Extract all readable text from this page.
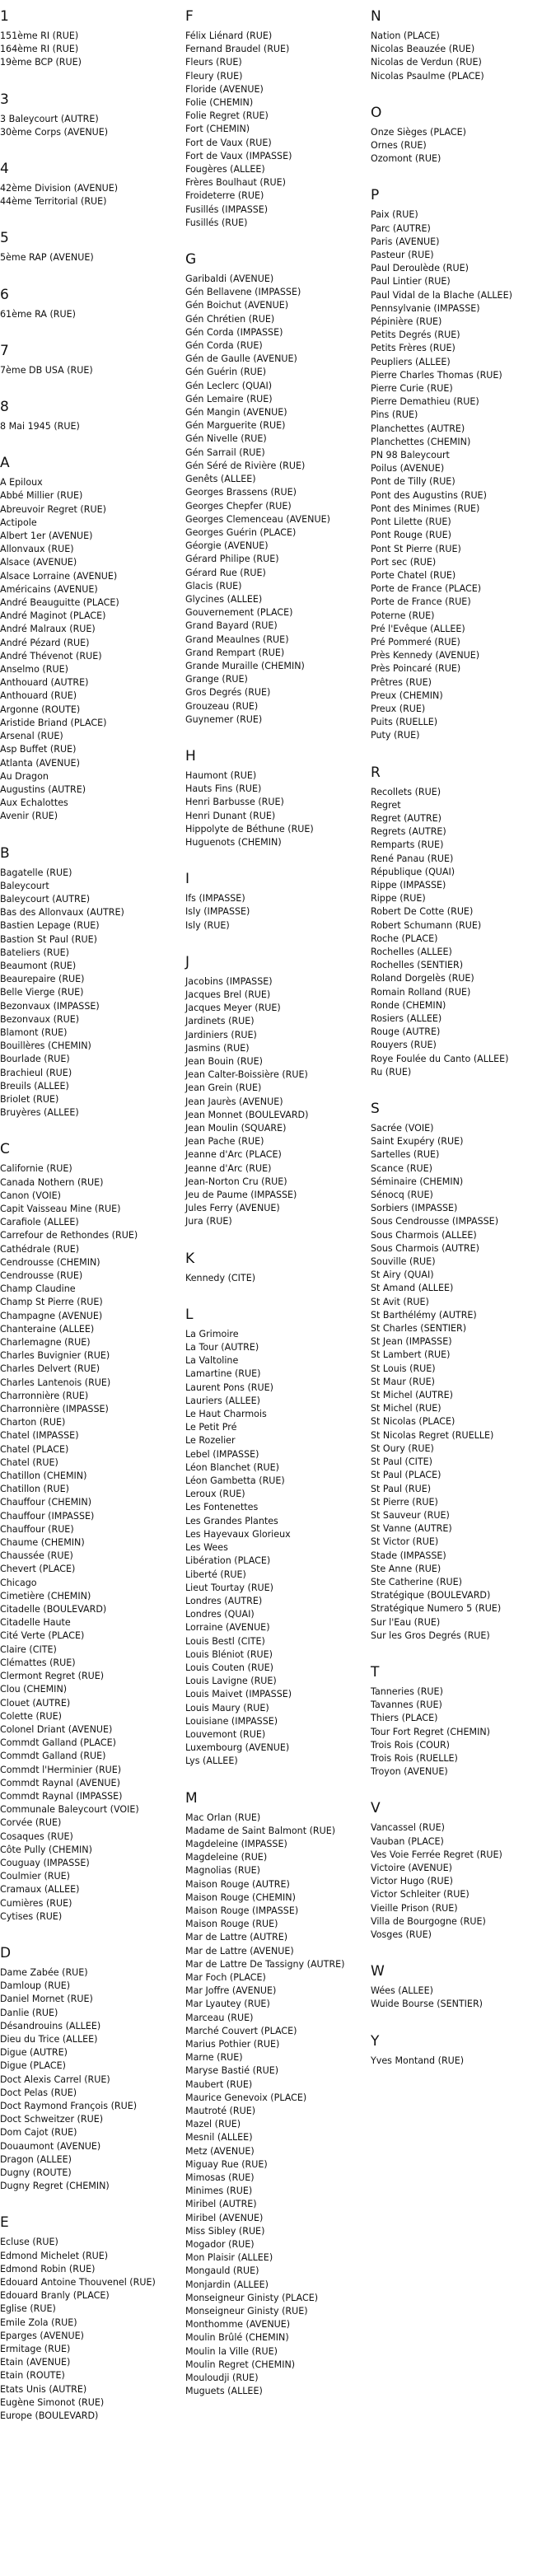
1
151ème RI (RUE)
164ème RI (RUE)
19ème BCP (RUE)
3
3 Baleycourt (AUTRE)
30ème Corps (AVENUE)
4
42ème Division (AVENUE)
44ème Territorial (RUE)
5
5ème RAP (AVENUE)
6
61ème RA (RUE)
7
7ème DB USA (RUE)
8
8 Mai 1945 (RUE)
A
A Epiloux
Abbé Millier (RUE)
Abreuvoir Regret (RUE)
Actipole
Albert 1er (AVENUE)
Allonvaux (RUE)
Alsace (AVENUE)
Alsace Lorraine (AVENUE)
Américains (AVENUE)
André Beauguitte (PLACE)
André Maginot (PLACE)
André Malraux (RUE)
André Pézard (RUE)
André Thévenot (RUE)
Anselmo (RUE)
Anthouard (AUTRE)
Anthouard (RUE)
Argonne (ROUTE)
Aristide Briand (PLACE)
Arsenal (RUE)
Asp Buffet (RUE)
Atlanta (AVENUE)
Au Dragon
Augustins (AUTRE)
Aux Echalottes
Avenir (RUE)
B
Bagatelle (RUE)
Baleycourt
Baleycourt (AUTRE)
Bas des Allonvaux (AUTRE)
Bastien Lepage (RUE)
Bastion St Paul (RUE)
Bateliers (RUE)
Beaumont (RUE)
Beaurepaire (RUE)
Belle Vierge (RUE)
Bezonvaux (IMPASSE)
Bezonvaux (RUE)
Blamont (RUE)
Bouillères (CHEMIN)
Bourlade (RUE)
Brachieul (RUE)
Breuils (ALLEE)
Briolet (RUE)
Bruyères (ALLEE)
C
Californie (RUE)
Canada Nothern (RUE)
Canon (VOIE)
Capit Vaisseau Mine (RUE)
Carafiole (ALLEE)
Carrefour de Rethondes (RUE)
Cathédrale (RUE)
Cendrousse (CHEMIN)
Cendrousse (RUE)
Champ Claudine
Champ St Pierre (RUE)
Champagne (AVENUE)
Chanteraine (ALLEE)
Charlemagne (RUE)
Charles Buvignier (RUE)
Charles Delvert (RUE)
Charles Lantenois (RUE)
Charronnière (RUE)
Charronnière (IMPASSE)
Charton (RUE)
Chatel (IMPASSE)
Chatel (PLACE)
Chatel (RUE)
Chatillon (CHEMIN)
Chatillon (RUE)
Chauffour (CHEMIN)
Chauffour (IMPASSE)
Chauffour (RUE)
Chaume (CHEMIN)
Chaussée (RUE)
Chevert (PLACE)
Chicago
Cimetière (CHEMIN)
Citadelle (BOULEVARD)
Citadelle Haute
Cité Verte (PLACE)
Claire (CITE)
Clémattes (RUE)
Clermont Regret (RUE)
Clou (CHEMIN)
Clouet (AUTRE)
Colette (RUE)
Colonel Driant (AVENUE)
Commdt Galland (PLACE)
Commdt Galland (RUE)
Commdt l'Herminier (RUE)
Commdt Raynal (AVENUE)
Commdt Raynal (IMPASSE)
Communale Baleycourt (VOIE)
Corvée (RUE)
Cosaques (RUE)
Côte Pully (CHEMIN)
Couguay (IMPASSE)
Coulmier (RUE)
Cramaux (ALLEE)
Cumières (RUE)
Cytises (RUE)
D
Dame Zabée (RUE)
Damloup (RUE)
Daniel Mornet (RUE)
Danlie (RUE)
Désandrouins (ALLEE)
Dieu du Trice (ALLEE)
Digue (AUTRE)
Digue (PLACE)
Doct Alexis Carrel (RUE)
Doct Pelas (RUE)
Doct Raymond François (RUE)
Doct Schweitzer (RUE)
Dom Cajot (RUE)
Douaumont (AVENUE)
Dragon (ALLEE)
Dugny (ROUTE)
Dugny Regret (CHEMIN)
E
Ecluse (RUE)
Edmond Michelet (RUE)
Edmond Robin (RUE)
Edouard Antoine Thouvenel (RUE)
Edouard Branly (PLACE)
Eglise (RUE)
Emile Zola (RUE)
Eparges (AVENUE)
Ermitage (RUE)
Etain (AVENUE)
Etain (ROUTE)
Etats Unis (AUTRE)
Eugène Simonot (RUE)
Europe (BOULEVARD)
F
Félix Liénard (RUE)
Fernand Braudel (RUE)
Fleurs (RUE)
Fleury (RUE)
Floride (AVENUE)
Folie (CHEMIN)
Folie Regret (RUE)
Fort (CHEMIN)
Fort de Vaux (RUE)
Fort de Vaux (IMPASSE)
Fougères (ALLEE)
Frères Boulhaut (RUE)
Froideterre (RUE)
Fusillés (IMPASSE)
Fusillés (RUE)
G
Garibaldi (AVENUE)
Gén Bellavene (IMPASSE)
Gén Boichut (AVENUE)
Gén Chrétien (RUE)
Gén Corda (IMPASSE)
Gén Corda (RUE)
Gén de Gaulle (AVENUE)
Gén Guérin (RUE)
Gén Leclerc (QUAI)
Gén Lemaire (RUE)
Gén Mangin (AVENUE)
Gén Marguerite (RUE)
Gén Nivelle (RUE)
Gén Sarrail (RUE)
Gén Séré de Rivière (RUE)
Genêts (ALLEE)
Georges Brassens (RUE)
Georges Chepfer (RUE)
Georges Clemenceau (AVENUE)
Georges Guérin (PLACE)
Géorgie (AVENUE)
Gérard Philipe (RUE)
Gérard Rue (RUE)
Glacis (RUE)
Glycines (ALLEE)
Gouvernement (PLACE)
Grand Bayard (RUE)
Grand Meaulnes (RUE)
Grand Rempart (RUE)
Grande Muraille (CHEMIN)
Grange (RUE)
Gros Degrés (RUE)
Grouzeau (RUE)
Guynemer (RUE)
H
Haumont (RUE)
Hauts Fins (RUE)
Henri Barbusse (RUE)
Henri Dunant (RUE)
Hippolyte de Béthune (RUE)
Huguenots (CHEMIN)
I
Ifs (IMPASSE)
Isly (IMPASSE)
Isly (RUE)
J
Jacobins (IMPASSE)
Jacques Brel (RUE)
Jacques Meyer (RUE)
Jardinets (RUE)
Jardiniers (RUE)
Jasmins (RUE)
Jean Bouin (RUE)
Jean Calter-Boissière (RUE)
Jean Grein (RUE)
Jean Jaurès (AVENUE)
Jean Monnet (BOULEVARD)
Jean Moulin (SQUARE)
Jean Pache (RUE)
Jeanne d'Arc (PLACE)
Jeanne d'Arc (RUE)
Jean-Norton Cru (RUE)
Jeu de Paume (IMPASSE)
Jules Ferry (AVENUE)
Jura (RUE)
K
Kennedy (CITE)
L
La Grimoire
La Tour (AUTRE)
La Valtoline
Lamartine (RUE)
Laurent Pons (RUE)
Lauriers (ALLEE)
Le Haut Charmois
Le Petit Pré
Le Rozelier
Lebel (IMPASSE)
Léon Blanchet (RUE)
Léon Gambetta (RUE)
Leroux (RUE)
Les Fontenettes
Les Grandes Plantes
Les Hayevaux Glorieux
Les Wees
Libération (PLACE)
Liberté (RUE)
Lieut Tourtay (RUE)
Londres (AUTRE)
Londres (QUAI)
Lorraine (AVENUE)
Louis Bestl (CITE)
Louis Bléniot (RUE)
Louis Couten (RUE)
Louis Lavigne (RUE)
Louis Maivet (IMPASSE)
Louis Maury (RUE)
Louisiane (IMPASSE)
Louvemont (RUE)
Luxembourg (AVENUE)
Lys (ALLEE)
M
Mac Orlan (RUE)
Madame de Saint Balmont (RUE)
Magdeleine (IMPASSE)
Magdeleine (RUE)
Magnolias (RUE)
Maison Rouge (AUTRE)
Maison Rouge (CHEMIN)
Maison Rouge (IMPASSE)
Maison Rouge (RUE)
Mar de Lattre (AUTRE)
Mar de Lattre (AVENUE)
Mar de Lattre De Tassigny (AUTRE)
Mar Foch (PLACE)
Mar Joffre (AVENUE)
Mar Lyautey (RUE)
Marceau (RUE)
Marché Couvert (PLACE)
Marius Pothier (RUE)
Marne (RUE)
Maryse Bastié (RUE)
Maubert (RUE)
Maurice Genevoix (PLACE)
Mautroté (RUE)
Mazel (RUE)
Mesnil (ALLEE)
Metz (AVENUE)
Miguay Rue (RUE)
Mimosas (RUE)
Minimes (RUE)
Miribel (AUTRE)
Miribel (AVENUE)
Miss Sibley (RUE)
Mogador (RUE)
Mon Plaisir (ALLEE)
Mongauld (RUE)
Monjardin (ALLEE)
Monseigneur Ginisty (PLACE)
Monseigneur Ginisty (RUE)
Monthomme (AVENUE)
Moulin Brûlé (CHEMIN)
Moulin la Ville (RUE)
Moulin Regret (CHEMIN)
Mouloudji (RUE)
Muguets (ALLEE)
N
Nation (PLACE)
Nicolas Beauzée (RUE)
Nicolas de Verdun (RUE)
Nicolas Psaulme (PLACE)
O
Onze Sièges (PLACE)
Ornes (RUE)
Ozomont (RUE)
P
Paix (RUE)
Parc (AUTRE)
Paris (AVENUE)
Pasteur (RUE)
Paul Deroulède (RUE)
Paul Lintier (RUE)
Paul Vidal de la Blache (ALLEE)
Pennsylvanie (IMPASSE)
Pépinière (RUE)
Petits Degrés (RUE)
Petits Frères (RUE)
Peupliers (ALLEE)
Pierre Charles Thomas (RUE)
Pierre Curie (RUE)
Pierre Demathieu (RUE)
Pins (RUE)
Planchettes (AUTRE)
Planchettes (CHEMIN)
PN 98 Baleycourt
Poilus (AVENUE)
Pont de Tilly (RUE)
Pont des Augustins (RUE)
Pont des Minimes (RUE)
Pont Lilette (RUE)
Pont Rouge (RUE)
Pont St Pierre (RUE)
Port sec (RUE)
Porte Chatel (RUE)
Porte de France (PLACE)
Porte de France (RUE)
Poterne (RUE)
Pré l'Evêque (ALLEE)
Pré Pommeré (RUE)
Près Kennedy (AVENUE)
Près Poincaré (RUE)
Prêtres (RUE)
Preux (CHEMIN)
Preux (RUE)
Puits (RUELLE)
Puty (RUE)
R
Recollets (RUE)
Regret
Regret (AUTRE)
Regrets (AUTRE)
Remparts (RUE)
René Panau (RUE)
République (QUAI)
Rippe (IMPASSE)
Rippe (RUE)
Robert De Cotte (RUE)
Robert Schumann (RUE)
Roche (PLACE)
Rochelles (ALLEE)
Rochelles (SENTIER)
Roland Dorgelès (RUE)
Romain Rolland (RUE)
Ronde (CHEMIN)
Rosiers (ALLEE)
Rouge (AUTRE)
Rouyers (RUE)
Roye Foulée du Canto (ALLEE)
Ru (RUE)
S
Sacrée (VOIE)
Saint Exupéry (RUE)
Sartelles (RUE)
Scance (RUE)
Séminaire (CHEMIN)
Sénocq (RUE)
Sorbiers (IMPASSE)
Sous Cendrousse (IMPASSE)
Sous Charmois (ALLEE)
Sous Charmois (AUTRE)
Souville (RUE)
St Airy (QUAI)
St Amand (ALLEE)
St Avit (RUE)
St Barthélémy (AUTRE)
St Charles (SENTIER)
St Jean (IMPASSE)
St Lambert (RUE)
St Louis (RUE)
St Maur (RUE)
St Michel (AUTRE)
St Michel (RUE)
St Nicolas (PLACE)
St Nicolas Regret (RUELLE)
St Oury (RUE)
St Paul (CITE)
St Paul (PLACE)
St Paul (RUE)
St Pierre (RUE)
St Sauveur (RUE)
St Vanne (AUTRE)
St Victor (RUE)
Stade (IMPASSE)
Ste Anne (RUE)
Ste Catherine (RUE)
Stratégique (BOULEVARD)
Stratégique Numero 5 (RUE)
Sur l'Eau (RUE)
Sur les Gros Degrés (RUE)
T
Tanneries (RUE)
Tavannes (RUE)
Thiers (PLACE)
Tour Fort Regret (CHEMIN)
Trois Rois (COUR)
Trois Rois (RUELLE)
Troyon (AVENUE)
V
Vancassel (RUE)
Vauban (PLACE)
Ves Voie Ferrée Regret (RUE)
Victoire (AVENUE)
Victor Hugo (RUE)
Victor Schleiter (RUE)
Vieille Prison (RUE)
Villa de Bourgogne (RUE)
Vosges (RUE)
W
Wées (ALLEE)
Wuide Bourse (SENTIER)
Y
Yves Montand (RUE)
